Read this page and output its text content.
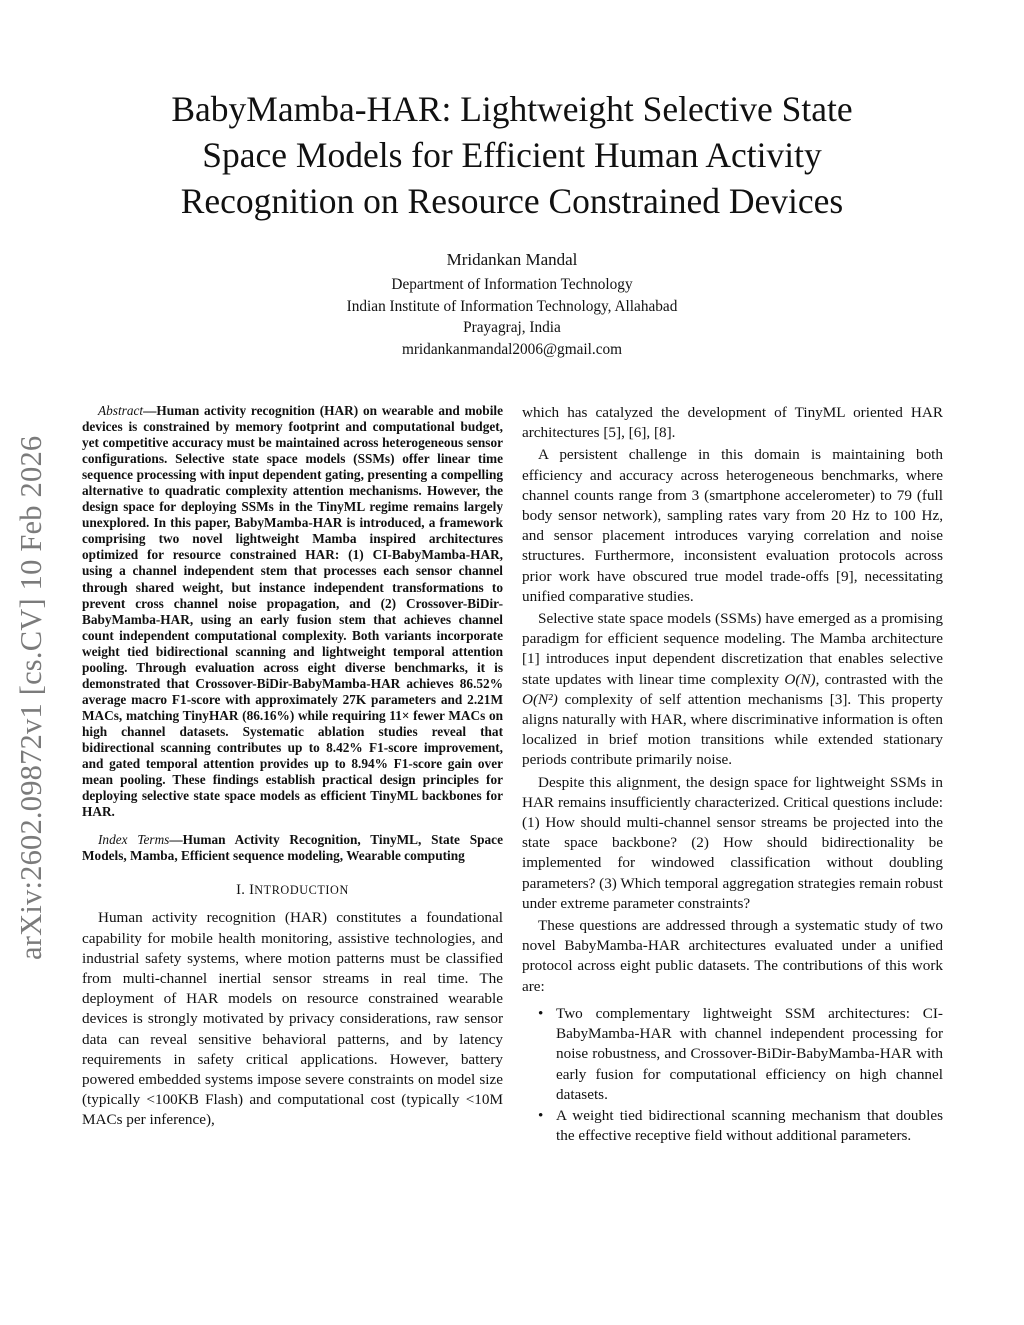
arXiv:2602.09872v1 [cs.CV] 10 Feb 2026
BabyMamba-HAR: Lightweight Selective State
Space Models for Efficient Human Activity
Recognition on Resource Constrained Devices
Mridankan Mandal
Department of Information Technology
Indian Institute of Information Technology, Allahabad
Prayagraj, India
mridankanmandal2006@gmail.com

Abstract—Human activity recognition (HAR) on wearable and mobile devices is constrained by memory footprint and computational budget, yet competitive accuracy must be maintained across heterogeneous sensor configurations. Selective state space models (SSMs) offer linear time sequence processing with input dependent gating, presenting a compelling alternative to quadratic complexity attention mechanisms. However, the design space for deploying SSMs in the TinyML regime remains largely unexplored. In this paper, BabyMamba-HAR is introduced, a framework comprising two novel lightweight Mamba inspired architectures optimized for resource constrained HAR: (1) CI-BabyMamba-HAR, using a channel independent stem that processes each sensor channel through shared weight, but instance independent transformations to prevent cross channel noise propagation, and (2) Crossover-BiDir-BabyMamba-HAR, using an early fusion stem that achieves channel count independent computational complexity. Both variants incorporate weight tied bidirectional scanning and lightweight temporal attention pooling. Through evaluation across eight diverse benchmarks, it is demonstrated that Crossover-BiDir-BabyMamba-HAR achieves 86.52% average macro F1-score with approximately 27K parameters and 2.21M MACs, matching TinyHAR (86.16%) while requiring 11× fewer MACs on high channel datasets. Systematic ablation studies reveal that bidirectional scanning contributes up to 8.42% F1-score improvement, and gated temporal attention provides up to 8.94% F1-score gain over mean pooling. These findings establish practical design principles for deploying selective state space models as efficient TinyML backbones for HAR.

Index Terms—Human Activity Recognition, TinyML, State Space Models, Mamba, Efficient sequence modeling, Wearable computing

I. INTRODUCTION

Human activity recognition (HAR) constitutes a foundational capability for mobile health monitoring, assistive technologies, and industrial safety systems, where motion patterns must be classified from multi-channel inertial sensor streams in real time. The deployment of HAR models on resource constrained wearable devices is strongly motivated by privacy considerations, raw sensor data can reveal sensitive behavioral patterns, and by latency requirements in safety critical applications. However, battery powered embedded systems impose severe constraints on model size (typically <100KB Flash) and computational cost (typically <10M MACs per inference),

which has catalyzed the development of TinyML oriented HAR architectures [5], [6], [8].

A persistent challenge in this domain is maintaining both efficiency and accuracy across heterogeneous benchmarks, where channel counts range from 3 (smartphone accelerometer) to 79 (full body sensor network), sampling rates vary from 20 Hz to 100 Hz, and sensor placement introduces varying correlation and noise structures. Furthermore, inconsistent evaluation protocols across prior work have obscured true model trade-offs [9], necessitating unified comparative studies.

Selective state space models (SSMs) have emerged as a promising paradigm for efficient sequence modeling. The Mamba architecture [1] introduces input dependent discretization that enables selective state updates with linear time complexity O(N), contrasted with the O(N²) complexity of self attention mechanisms [3]. This property aligns naturally with HAR, where discriminative information is often localized in brief motion transitions while extended stationary periods contribute primarily noise.

Despite this alignment, the design space for lightweight SSMs in HAR remains insufficiently characterized. Critical questions include: (1) How should multi-channel sensor streams be projected into the state space backbone? (2) How should bidirectionality be implemented for windowed classification without doubling parameters? (3) Which temporal aggregation strategies remain robust under extreme parameter constraints?

These questions are addressed through a systematic study of two novel BabyMamba-HAR architectures evaluated under a unified protocol across eight public datasets. The contributions of this work are:

• Two complementary lightweight SSM architectures: CI-BabyMamba-HAR with channel independent processing for noise robustness, and Crossover-BiDir-BabyMamba-HAR with early fusion for computational efficiency on high channel datasets.
• A weight tied bidirectional scanning mechanism that doubles the effective receptive field without additional parameters.
